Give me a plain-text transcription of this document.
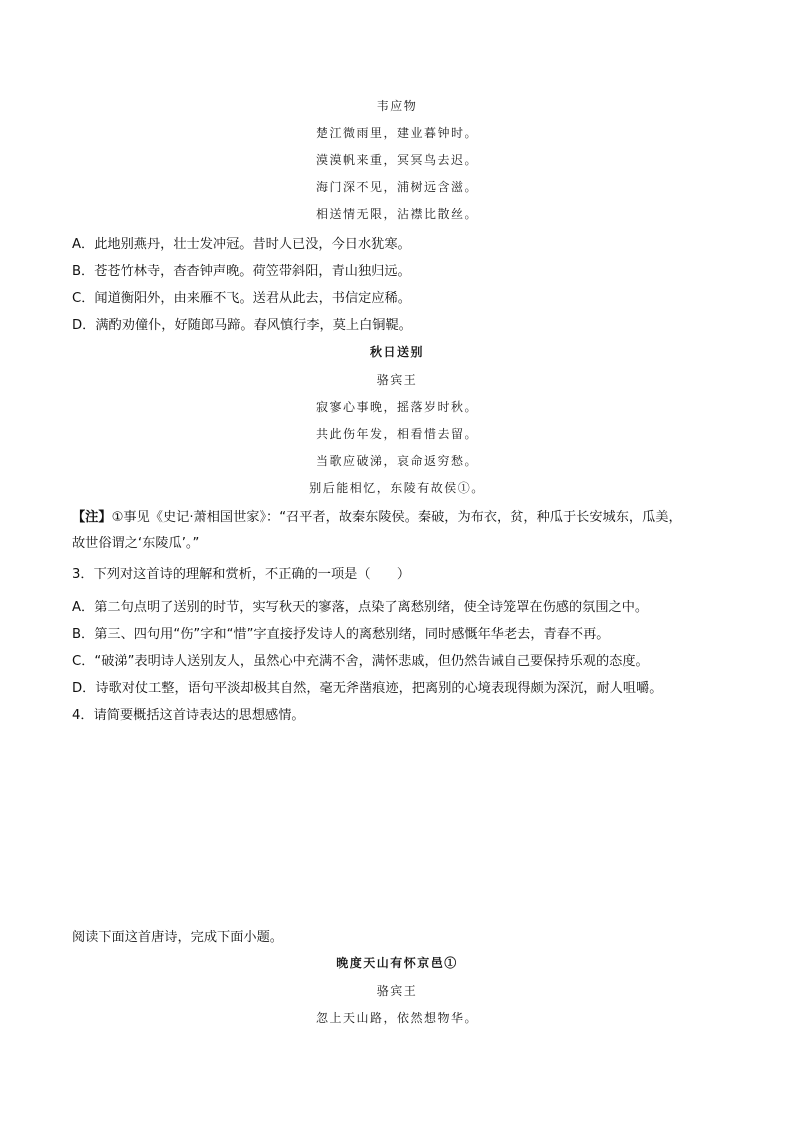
韦应物
楚江微雨里，建业暮钟时。
漠漠帆来重，冥冥鸟去迟。
海门深不见，浦树远含滋。
相送情无限，沾襟比散丝。
A．此地别燕丹，壮士发冲冠。昔时人已没，今日水犹寒。
B．苍苍竹林寺，杳杳钟声晚。荷笠带斜阳，青山独归远。
C．闻道衡阳外，由来雁不飞。送君从此去，书信定应稀。
D．满酌劝僮仆，好随郎马蹄。春风慎行李，莫上白铜鞮。
秋日送别
骆宾王
寂寥心事晚，摇落岁时秋。
共此伤年发，相看惜去留。
当歌应破涕，哀命返穷愁。
别后能相忆，东陵有故侯①。
【注】①事见《史记·萧相国世家》：“召平者，故秦东陵侯。秦破，为布衣，贫，种瓜于长安城东，瓜美，
故世俗谓之‘东陵瓜’。”
3．下列对这首诗的理解和赏析，不正确的一项是（　　）
A．第二句点明了送别的时节，实写秋天的寥落，点染了离愁别绪，使全诗笼罩在伤感的氛围之中。
B．第三、四句用“伤”字和“惜”字直接抒发诗人的离愁别绪，同时感慨年华老去，青春不再。
C．“破涕”表明诗人送别友人，虽然心中充满不舍，满怀悲戚，但仍然告诫自己要保持乐观的态度。
D．诗歌对仗工整，语句平淡却极其自然，毫无斧凿痕迹，把离别的心境表现得颇为深沉，耐人咀嚼。
4．请简要概括这首诗表达的思想感情。
阅读下面这首唐诗，完成下面小题。
晚度天山有怀京邑①
骆宾王
忽上天山路，依然想物华。
